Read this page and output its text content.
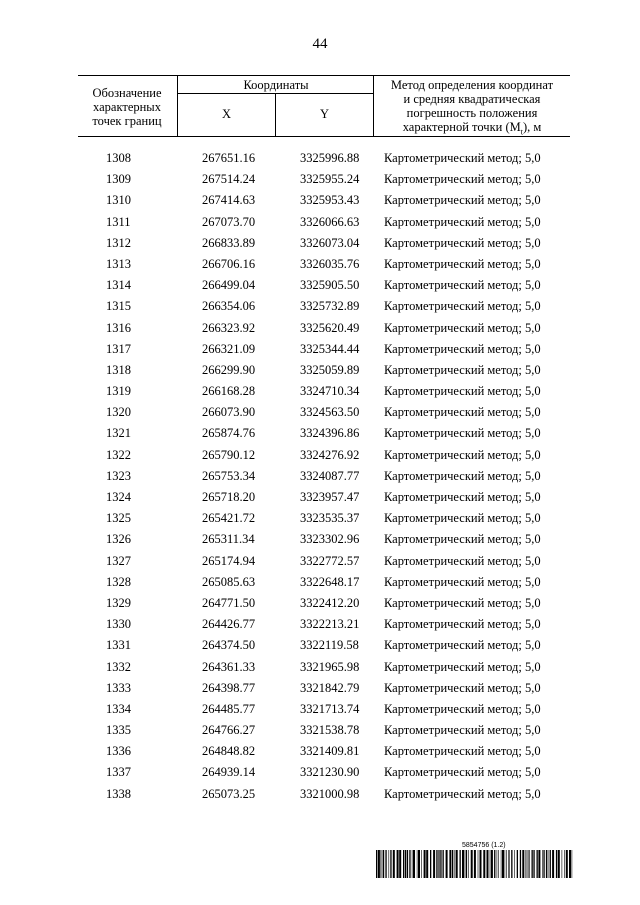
44
Обозначение характерных точек границ
Координаты
X	Y
Метод определения координат
и средняя квадратическая
погрешность положения
характерной точки $(M_t)$, м
1308	267651.16	3325996.88 Картометрический метод; 5,0
1309	267514.24	3325955.24 Картометрический метод; 5,0
1310	267414.63	3325953.43 Картометрический метод; 5,0
1311	267073.70	3326066.63 Картометрический метод; 5,0
1312	266833.89	3326073.04 Картометрический метод; 5,0
1313	266706.16	3326035.76 Картометрический метод; 5,0
1314	266499.04	3325905.50 Картометрический метод; 5,0
1315	266354.06	3325732.89 Картометрический метод; 5,0
1316	266323.92	3325620.49 Картометрический метод; 5,0
1317	266321.09	3325344.44 Картометрический метод; 5,0
1318	266299.90	3325059.89 Картометрический метод; 5,0
1319	266168.28	3324710.34 Картометрический метод; 5,0
1320	266073.90	3324563.50 Картометрический метод; 5,0
1321	265874.76	3324396.86 Картометрический метод; 5,0
1322	265790.12	3324276.92 Картометрический метод; 5,0
1323	265753.34	3324087.77 Картометрический метод; 5,0
1324	265718.20	3323957.47 Картометрический метод; 5,0
1325	265421.72	3323535.37 Картометрический метод; 5,0
1326	265311.34	3323302.96 Картометрический метод; 5,0
1327	265174.94	3322772.57 Картометрический метод; 5,0
1328	265085.63	3322648.17 Картометрический метод; 5,0
1329	264771.50	3322412.20 Картометрический метод; 5,0
1330	264426.77	3322213.21 Картометрический метод; 5,0
1331	264374.50	3322119.58 Картометрический метод; 5,0
1332	264361.33	3321965.98 Картометрический метод; 5,0
1333	264398.77	3321842.79 Картометрический метод; 5,0
1334	264485.77	3321713.74 Картометрический метод; 5,0
1335	264766.27	3321538.78 Картометрический метод; 5,0
1336	264848.82	3321409.81 Картометрический метод; 5,0
1337	264939.14	3321230.90 Картометрический метод; 5,0
1338	265073.25	3321000.98 Картометрический метод; 5,0
5854756 (1.2)
